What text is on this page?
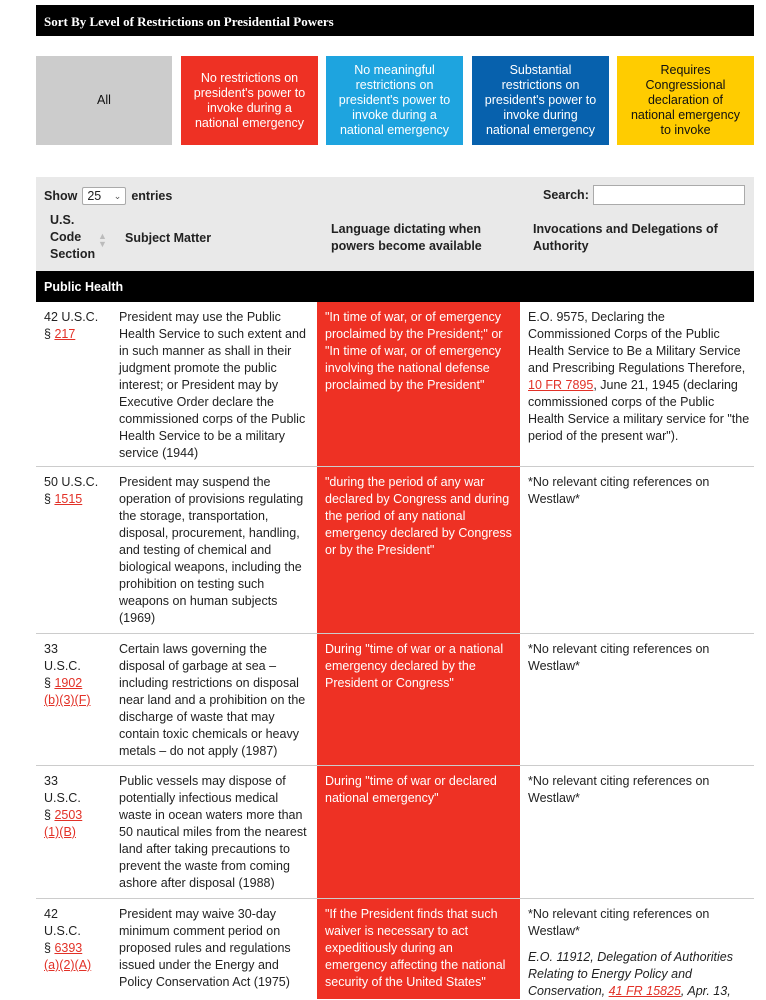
Sort By Level of Restrictions on Presidential Powers
All
No restrictions on president's power to invoke during a national emergency
No meaningful restrictions on president's power to invoke during a national emergency
Substantial restrictions on president's power to invoke during national emergency
Requires Congressional declaration of national emergency to invoke
Show 25 ⌄ entries	Search:
U.S. Code Section
▲
▼ Subject Matter
Language dictating when powers become available
Invocations and Delegations of Authority
Public Health
42 U.S.C.
§ 217
President may use the Public Health Service to such extent and in such manner as shall in their judgment promote the public interest; or President may by Executive Order declare the commissioned corps of the Public Health Service to be a military service (1944)
"In time of war, or of emergency proclaimed by the President;" or "In time of war, or of emergency involving the national defense proclaimed by the President"
E.O. 9575, Declaring the Commissioned Corps of the Public Health Service to Be a Military Service and Prescribing Regulations Therefore, 10 FR 7895, June 21, 1945 (declaring commissioned corps of the Public Health Service a military service for "the period of the present war").
50 U.S.C.
§ 1515
President may suspend the operation of provisions regulating the storage, transportation, disposal, procurement, handling, and testing of chemical and biological weapons, including the prohibition on testing such weapons on human subjects (1969)
"during the period of any war declared by Congress and during the period of any national emergency declared by Congress or by the President"
*No relevant citing references on Westlaw*
33 U.S.C.
§ 1902 (b)(3)(F)
Certain laws governing the disposal of garbage at sea – including restrictions on disposal near land and a prohibition on the discharge of waste that may contain toxic chemicals or heavy metals – do not apply (1987)
During "time of war or a national emergency declared by the President or Congress"
*No relevant citing references on Westlaw*
33 U.S.C.
§ 2503 (1)(B)
Public vessels may dispose of potentially infectious medical waste in ocean waters more than 50 nautical miles from the nearest land after taking precautions to prevent the waste from coming ashore after disposal (1988)
During "time of war or declared national emergency"
*No relevant citing references on Westlaw*
42 U.S.C.
§ 6393 (a)(2)(A)
President may waive 30-day minimum comment period on proposed rules and regulations issued under the Energy and Policy Conservation Act (1975)
"If the President finds that such waiver is necessary to act expeditiously during an emergency affecting the national security of the United States"
*No relevant citing references on Westlaw*
E.O. 11912, Delegation of Authorities Relating to Energy Policy and Conservation, 41 FR 15825, Apr. 13,
